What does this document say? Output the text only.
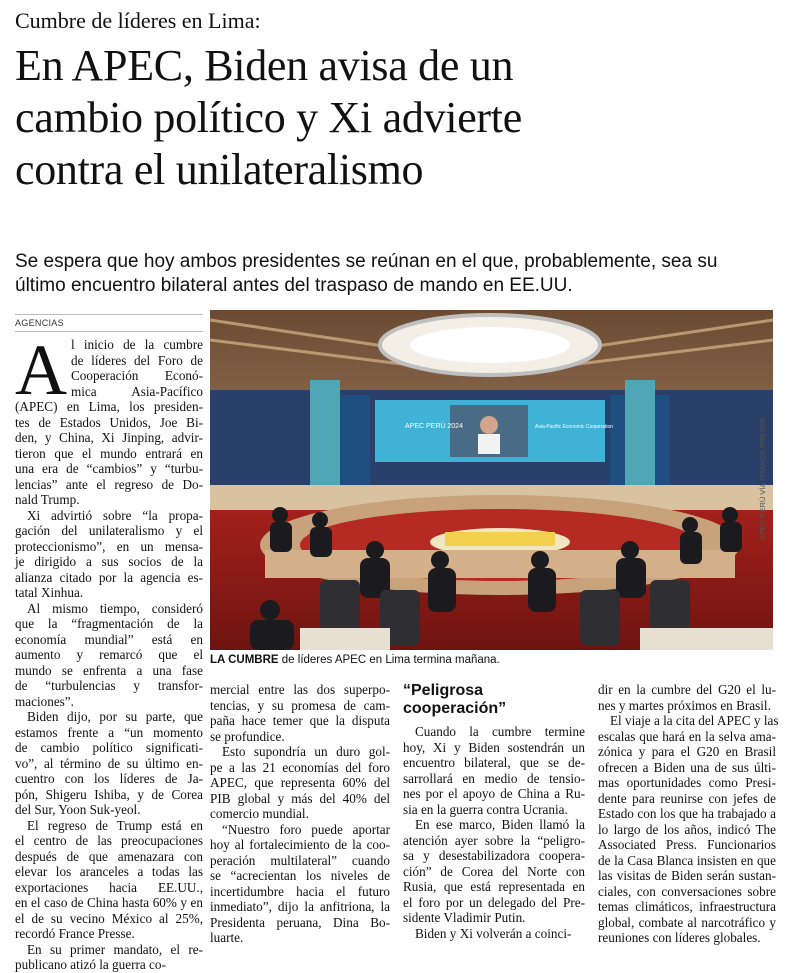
Cumbre de líderes en Lima:
En APEC, Biden avisa de un
cambio político y Xi advierte
contra el unilateralismo
Se espera que hoy ambos presidentes se reúnan en el que, probablemente, sea su
último encuentro bilateral antes del traspaso de mando en EE.UU.
AGENCIAS
A l inicio de la cumbre
de líderes del Foro de
Cooperación Econó-
mica Asia-Pacífico
(APEC) en Lima, los presiden-
tes de Estados Unidos, Joe Bi-
den, y China, Xi Jinping, advir-
tieron que el mundo entrará en
una era de “cambios” y “turbu-
lencias” ante el regreso de Do-
nald Trump.

Xi advirtió sobre “la propa-
gación del unilateralismo y el
proteccionismo”, en un mensa-
je dirigido a sus socios de la
alianza citado por la agencia es-
tatal Xinhua.

Al mismo tiempo, consideró
que la “fragmentación de la
economía mundial” está en
aumento y remarcó que el
mundo se enfrenta a una fase
de “turbulencias y transfor-
maciones”.

Biden dijo, por su parte, que
estamos frente a “un momento
de cambio político significati-
vo”, al término de su último en-
cuentro con los líderes de Ja-
pón, Shigeru Ishiba, y de Corea
del Sur, Yoon Suk-yeol.

El regreso de Trump está en
el centro de las preocupaciones
después de que amenazara con
elevar los aranceles a todas las
exportaciones hacia EE.UU.,
en el caso de China hasta 60% y en
el de su vecino México al 25%,
recordó France Presse.

En su primer mandato, el re-
publicano atizó la guerra co-

APEC PERÚ 2024	Asia-Pacific Economic Cooperation	APEC PERÚ VÍA FRANCE PRESSE
LA CUMBRE de líderes APEC en Lima termina mañana.

mercial entre las dos superpo-
tencias, y su promesa de cam-
paña hace temer que la disputa
se profundice.

Esto supondría un duro gol-
pe a las 21 economías del foro
APEC, que representa 60% del
PIB global y más del 40% del
comercio mundial.

“Nuestro foro puede aportar
hoy al fortalecimiento de la coo-
peración multilateral” cuando
se “acrecientan los niveles de
incertidumbre hacia el futuro
inmediato”, dijo la anfitriona, la
Presidenta peruana, Dina Bo-
luarte.

“Peligrosa
cooperación”

Cuando la cumbre termine
hoy, Xi y Biden sostendrán un
encuentro bilateral, que se de-
sarrollará en medio de tensio-
nes por el apoyo de China a Ru-
sia en la guerra contra Ucrania.

En ese marco, Biden llamó la
atención ayer sobre la “peligro-
sa y desestabilizadora coopera-
ción” de Corea del Norte con
Rusia, que está representada en
el foro por un delegado del Pre-
sidente Vladimir Putin.

Biden y Xi volverán a coinci-

dir en la cumbre del G20 el lu-
nes y martes próximos en Brasil.

El viaje a la cita del APEC y las
escalas que hará en la selva ama-
zónica y para el G20 en Brasil
ofrecen a Biden una de sus últi-
mas oportunidades como Presi-
dente para reunirse con jefes de
Estado con los que ha trabajado a
lo largo de los años, indicó The
Associated Press. Funcionarios
de la Casa Blanca insisten en que
las visitas de Biden serán sustan-
ciales, con conversaciones sobre
temas climáticos, infraestructura
global, combate al narcotráfico y
reuniones con líderes globales.
